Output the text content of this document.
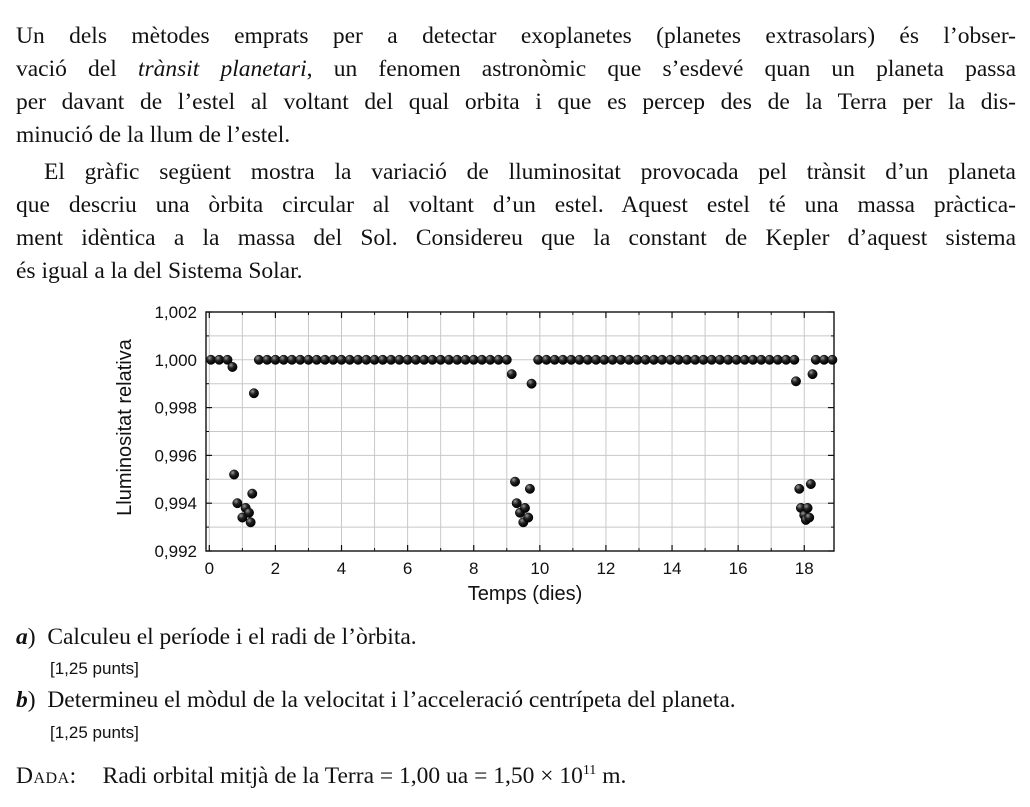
Un dels mètodes emprats per a detectar exoplanetes (planetes extrasolars) és l’obser-
vació del trànsit planetari, un fenomen astronòmic que s’esdevé quan un planeta passa
per davant de l’estel al voltant del qual orbita i que es percep des de la Terra per la dis-
minució de la llum de l’estel.
El gràfic següent mostra la variació de lluminositat provocada pel trànsit d’un planeta
que descriu una òrbita circular al voltant d’un estel. Aquest estel té una massa pràctica-
ment idèntica a la massa del Sol. Considereu que la constant de Kepler d’aquest sistema
és igual a la del Sistema Solar.
0	2	4	6	8	10	12	14	16	18
0,992
0,994
0,996
0,998
1,000
1,002
Temps (dies)
Lluminositat relativa
a) Calculeu el període i el radi de l’òrbita.
[1,25 punts]
b) Determineu el mòdul de la velocitat i l’acceleració centrípeta del planeta.
[1,25 punts]
Dada: Radi orbital mitjà de la Terra = 1,00 ua = $1,50 \times 10^{11}$ m.
